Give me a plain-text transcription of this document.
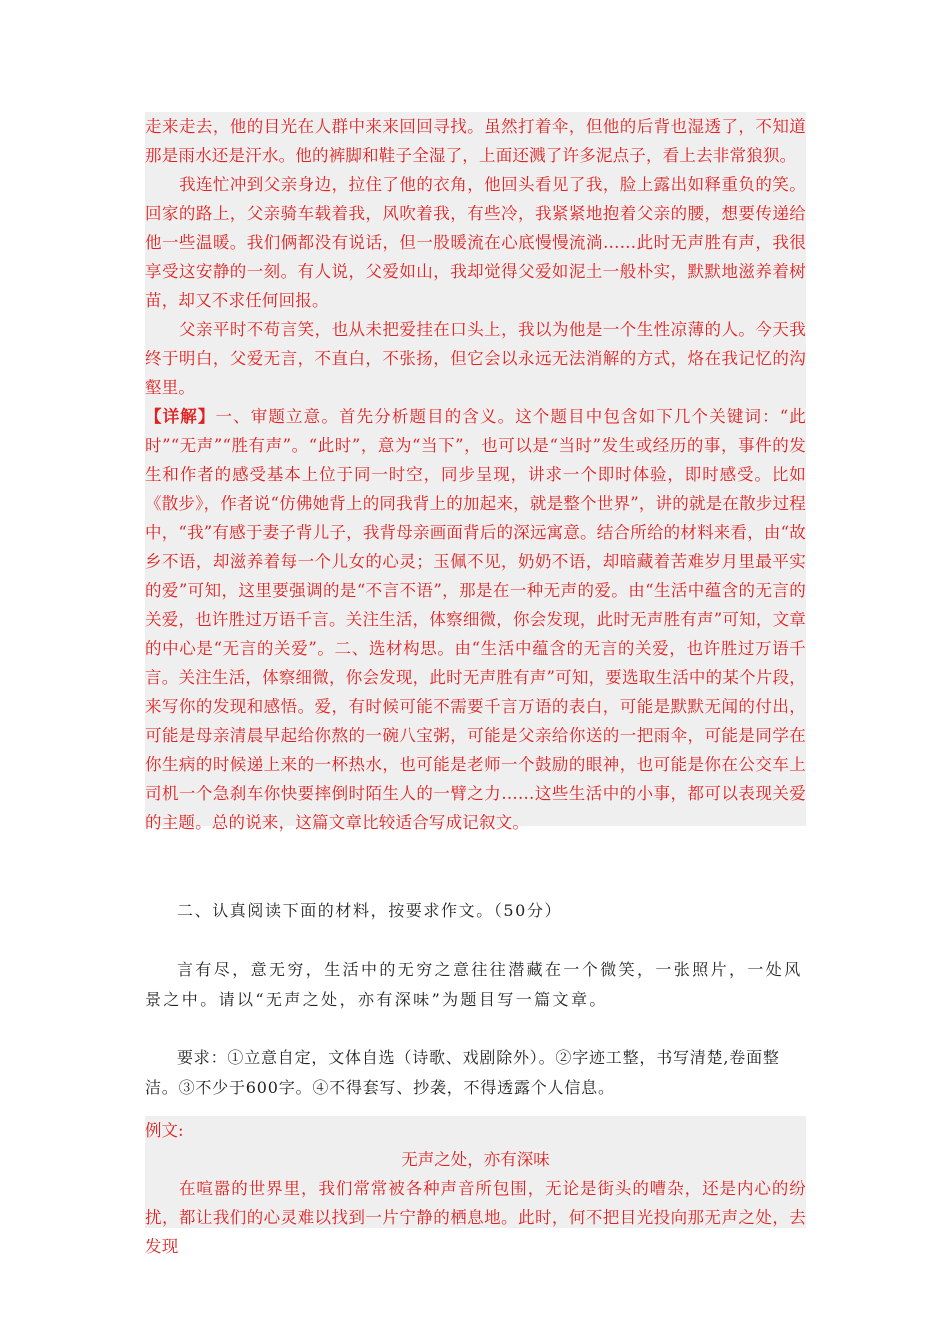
走来走去，他的目光在人群中来来回回寻找。虽然打着伞，但他的后背也湿透了，不知道那是雨水还是汗水。他的裤脚和鞋子全湿了，上面还溅了许多泥点子，看上去非常狼狈。

我连忙冲到父亲身边，拉住了他的衣角，他回头看见了我，脸上露出如释重负的笑。回家的路上，父亲骑车载着我，风吹着我，有些冷，我紧紧地抱着父亲的腰，想要传递给他一些温暖。我们俩都没有说话，但一股暖流在心底慢慢流淌……此时无声胜有声，我很享受这安静的一刻。有人说，父爱如山，我却觉得父爱如泥土一般朴实，默默地滋养着树苗，却又不求任何回报。

父亲平时不苟言笑，也从未把爱挂在口头上，我以为他是一个生性凉薄的人。今天我终于明白，父爱无言，不直白，不张扬，但它会以永远无法消解的方式，烙在我记忆的沟壑里。

【详解】一、审题立意。首先分析题目的含义。这个题目中包含如下几个关键词：“此时”“无声”“胜有声”。“此时”，意为“当下”，也可以是“当时”发生或经历的事，事件的发生和作者的感受基本上位于同一时空，同步呈现，讲求一个即时体验，即时感受。比如《散步》，作者说“仿佛她背上的同我背上的加起来，就是整个世界”，讲的就是在散步过程中，“我”有感于妻子背儿子，我背母亲画面背后的深远寓意。结合所给的材料来看，由“故乡不语，却滋养着每一个儿女的心灵；玉佩不见，奶奶不语，却暗藏着苦难岁月里最平实的爱”可知，这里要强调的是“不言不语”，那是在一种无声的爱。由“生活中蕴含的无言的关爱，也许胜过万语千言。关注生活，体察细微，你会发现，此时无声胜有声”可知，文章的中心是“无言的关爱”。二、选材构思。由“生活中蕴含的无言的关爱，也许胜过万语千言。关注生活，体察细微，你会发现，此时无声胜有声”可知，要选取生活中的某个片段，来写你的发现和感悟。爱，有时候可能不需要千言万语的表白，可能是默默无闻的付出，可能是母亲清晨早起给你熬的一碗八宝粥，可能是父亲给你送的一把雨伞，可能是同学在你生病的时候递上来的一杯热水，也可能是老师一个鼓励的眼神，也可能是你在公交车上司机一个急刹车你快要摔倒时陌生人的一臂之力……这些生活中的小事，都可以表现关爱的主题。总的说来，这篇文章比较适合写成记叙文。

二、认真阅读下面的材料，按要求作文。（50分）

言有尽，意无穷，生活中的无穷之意往往潜藏在一个微笑，一张照片，一处风景之中。请以“无声之处，亦有深味”为题目写一篇文章。

要求：①立意自定，文体自选（诗歌、戏剧除外）。②字迹工整，书写清楚,卷面整洁。③不少于600字。④不得套写、抄袭，不得透露个人信息。

例文:

无声之处，亦有深味

在喧嚣的世界里，我们常常被各种声音所包围，无论是街头的嘈杂，还是内心的纷扰，都让我们的心灵难以找到一片宁静的栖息地。此时，何不把目光投向那无声之处，去发现
